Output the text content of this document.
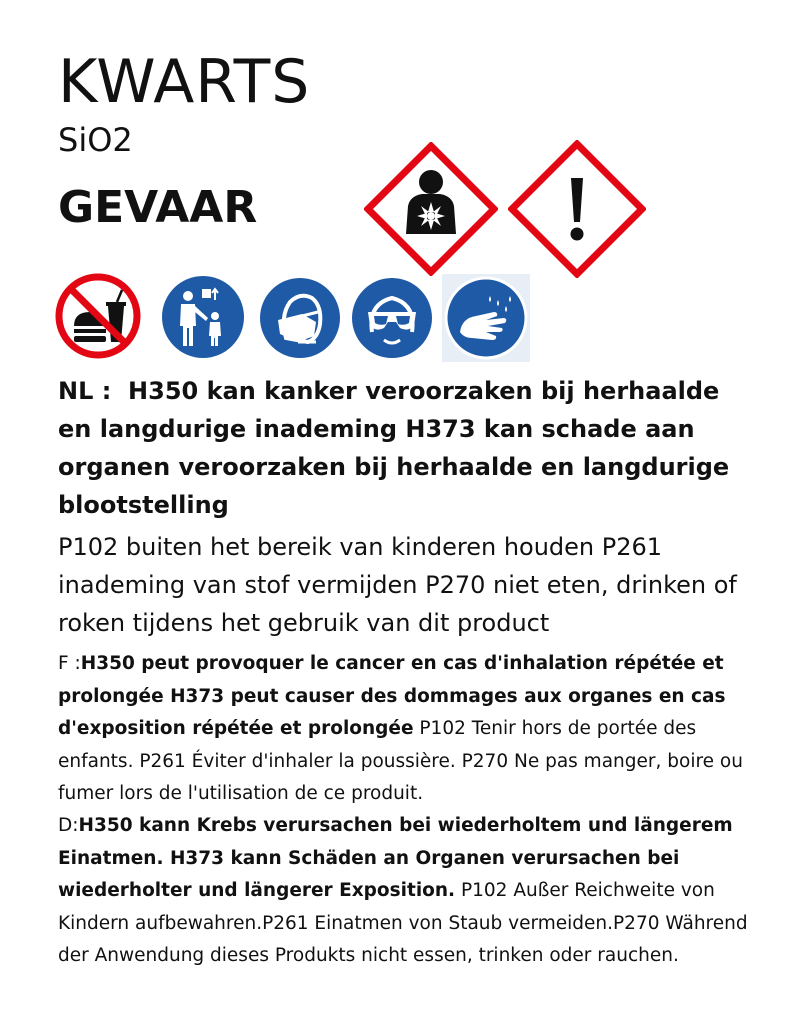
KWARTS
SiO2
GEVAAR
NL :  H350 kan kanker veroorzaken bij herhaalde en langdurige inademing H373 kan schade aan organen veroorzaken bij herhaalde en langdurige blootstelling
P102 buiten het bereik van kinderen houden P261 inademing van stof vermijden P270 niet eten, drinken of roken tijdens het gebruik van dit product
F :H350 peut provoquer le cancer en cas d'inhalation répétée et prolongée H373 peut causer des dommages aux organes en cas d'exposition répétée et prolongée P102 Tenir hors de portée des enfants. P261 Éviter d'inhaler la poussière. P270 Ne pas manger, boire ou fumer lors de l'utilisation de ce produit.
D:H350 kann Krebs verursachen bei wiederholtem und längerem Einatmen. H373 kann Schäden an Organen verursachen bei wiederholter und längerer Exposition. P102 Außer Reichweite von Kindern aufbewahren.P261 Einatmen von Staub vermeiden.P270 Während der Anwendung dieses Produkts nicht essen, trinken oder rauchen.
